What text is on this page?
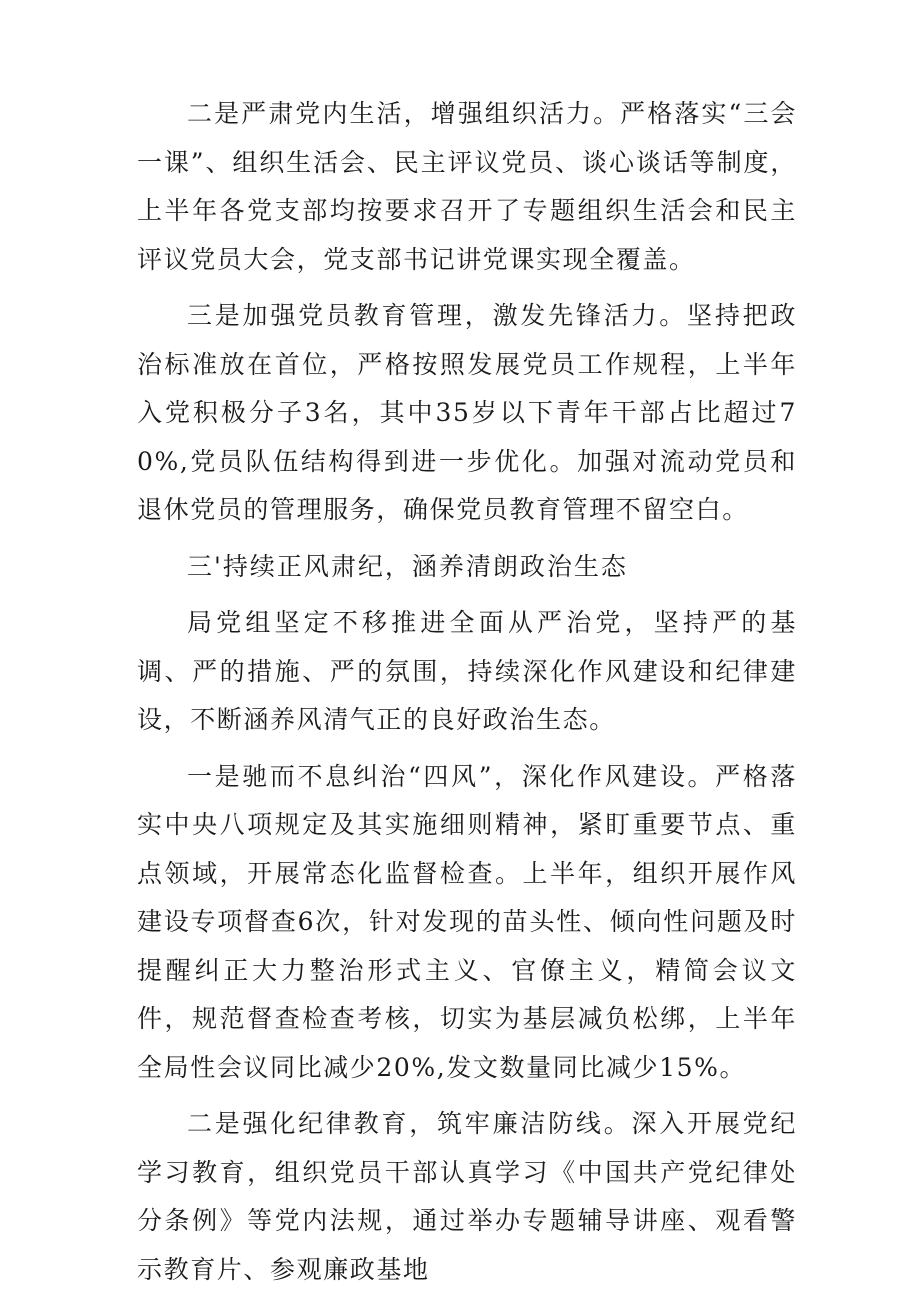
二是严肃党内生活，增强组织活力。严格落实“三会一课”、组织生活会、民主评议党员、谈心谈话等制度，上半年各党支部均按要求召开了专题组织生活会和民主评议党员大会，党支部书记讲党课实现全覆盖。

三是加强党员教育管理，激发先锋活力。坚持把政治标准放在首位，严格按照发展党员工作规程，上半年入党积极分子3名，其中35岁以下青年干部占比超过70%,党员队伍结构得到进一步优化。加强对流动党员和退休党员的管理服务，确保党员教育管理不留空白。

三'持续正风肃纪，涵养清朗政治生态

局党组坚定不移推进全面从严治党，坚持严的基调、严的措施、严的氛围，持续深化作风建设和纪律建设，不断涵养风清气正的良好政治生态。

一是驰而不息纠治“四风”，深化作风建设。严格落实中央八项规定及其实施细则精神，紧盯重要节点、重点领域，开展常态化监督检查。上半年，组织开展作风建设专项督查6次，针对发现的苗头性、倾向性问题及时提醒纠正大力整治形式主义、官僚主义，精简会议文件，规范督查检查考核，切实为基层减负松绑，上半年全局性会议同比减少20%,发文数量同比减少15%。

二是强化纪律教育，筑牢廉洁防线。深入开展党纪学习教育，组织党员干部认真学习《中国共产党纪律处分条例》等党内法规，通过举办专题辅导讲座、观看警示教育片、参观廉政基地
